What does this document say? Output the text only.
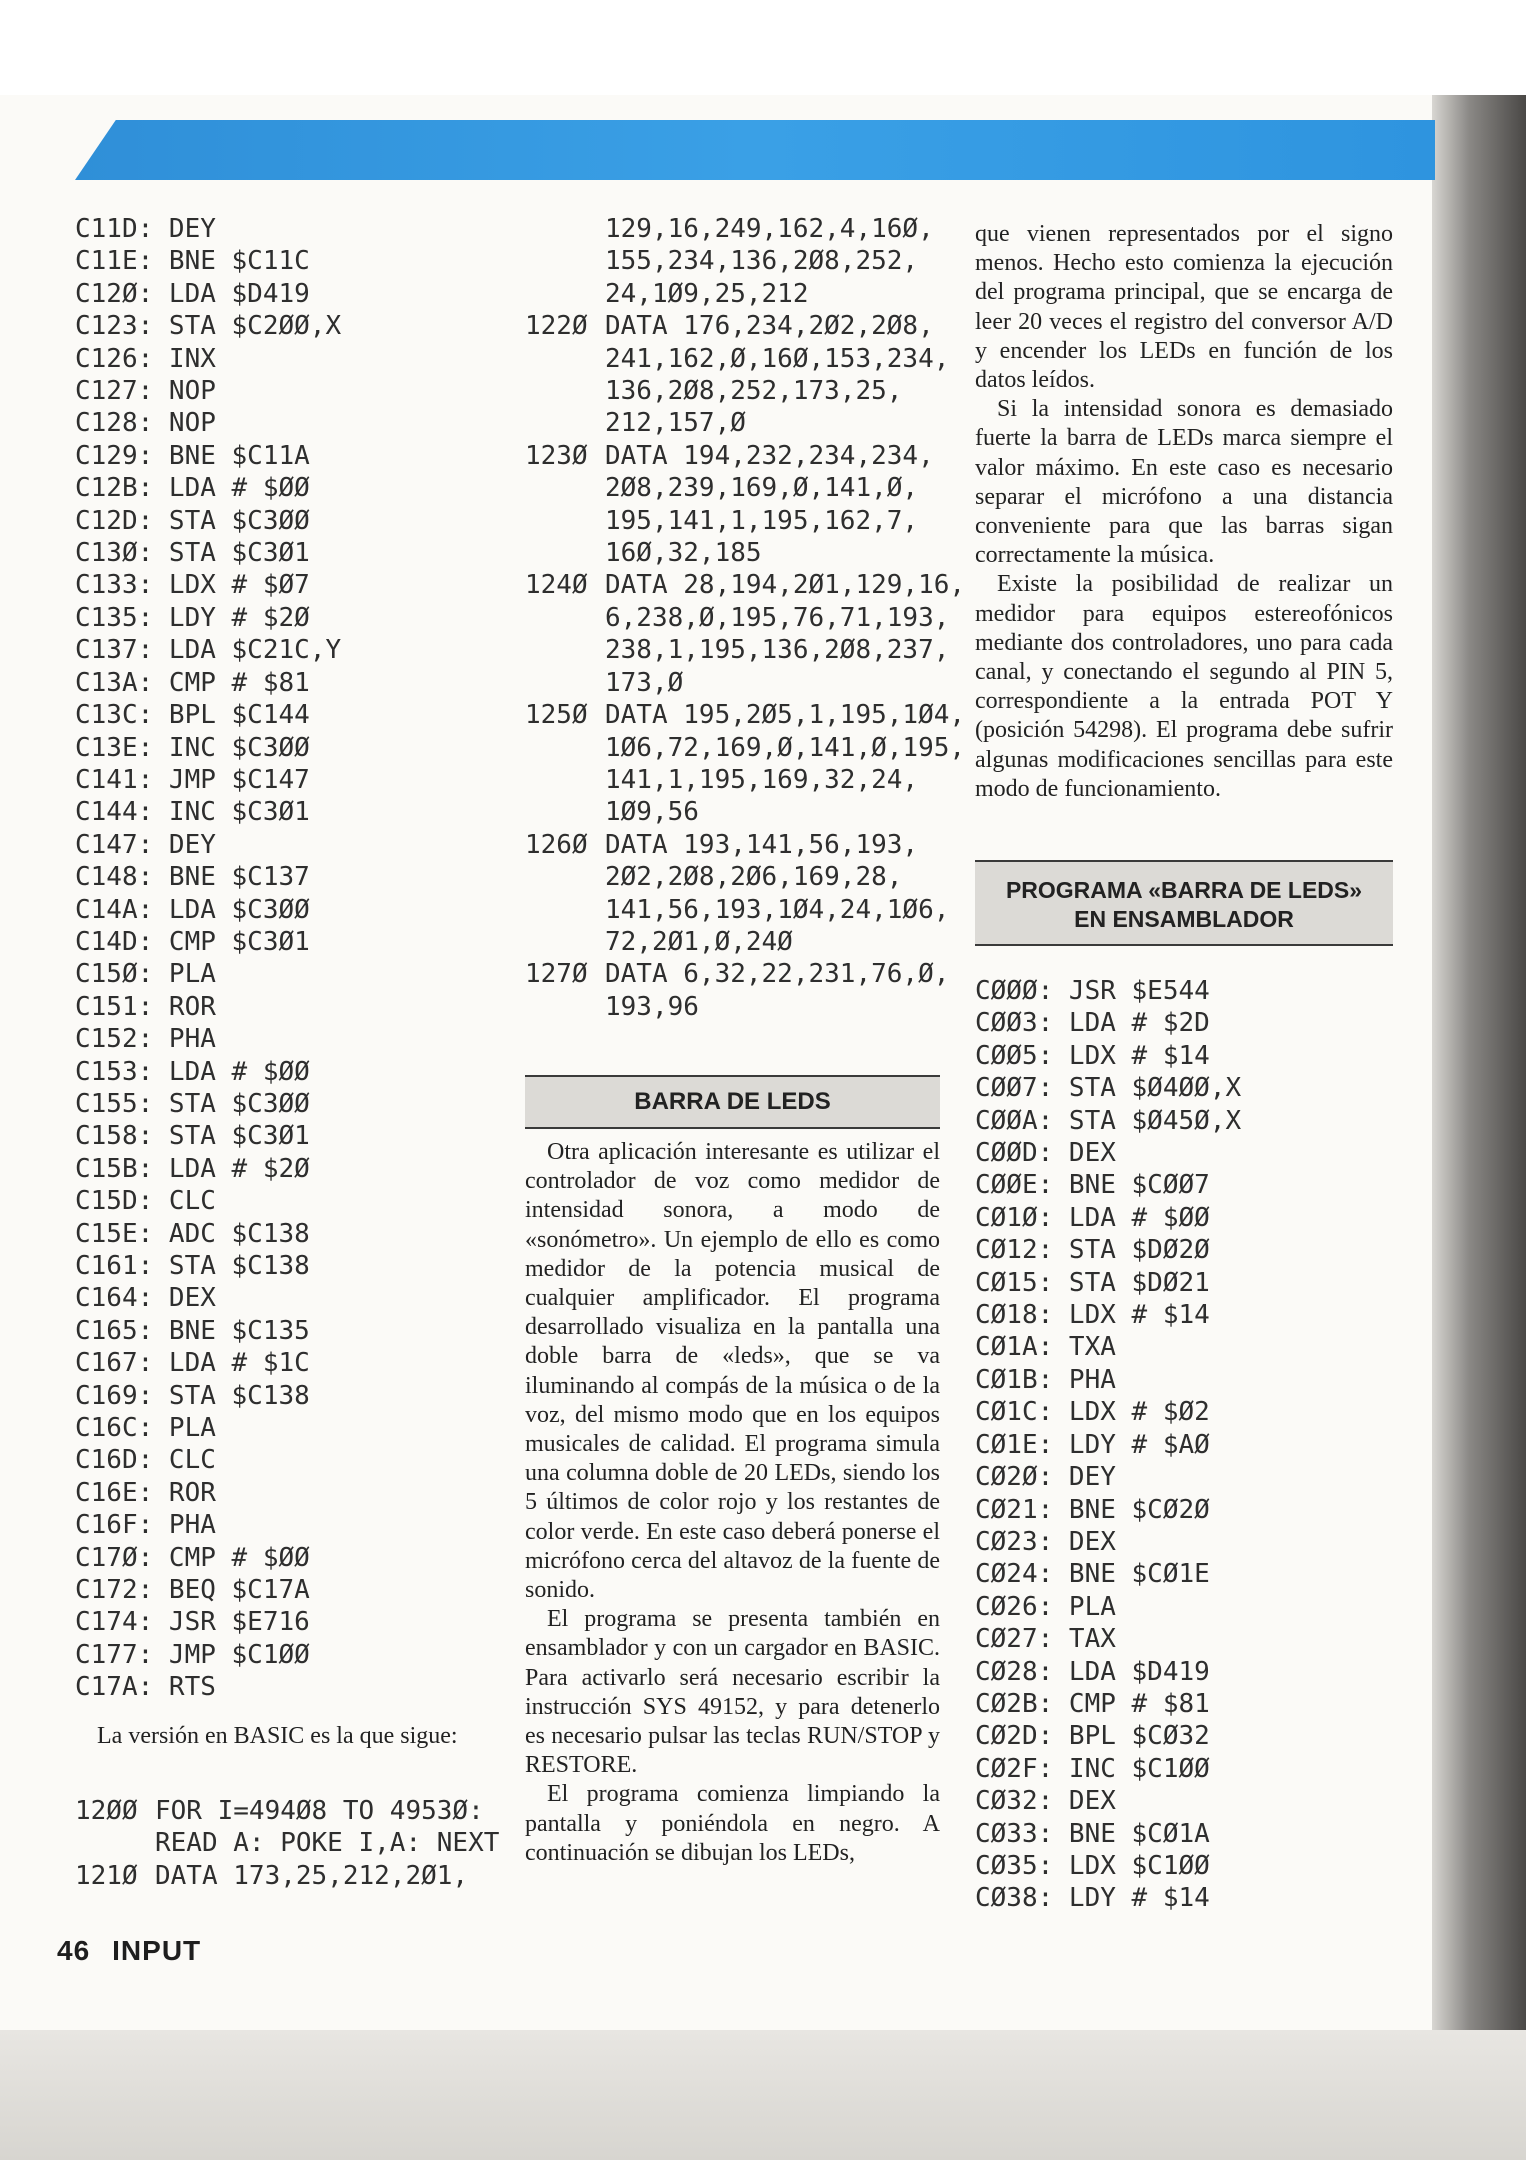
C11D: DEY
C11E: BNE $C11C
C12Ø: LDA $D419
C123: STA $C2ØØ,X
C126: INX
C127: NOP
C128: NOP
C129: BNE $C11A
C12B: LDA # $ØØ
C12D: STA $C3ØØ
C13Ø: STA $C3Ø1
C133: LDX # $Ø7
C135: LDY # $2Ø
C137: LDA $C21C,Y
C13A: CMP # $81
C13C: BPL $C144
C13E: INC $C3ØØ
C141: JMP $C147
C144: INC $C3Ø1
C147: DEY
C148: BNE $C137
C14A: LDA $C3ØØ
C14D: CMP $C3Ø1
C15Ø: PLA
C151: ROR
C152: PHA
C153: LDA # $ØØ
C155: STA $C3ØØ
C158: STA $C3Ø1
C15B: LDA # $2Ø
C15D: CLC
C15E: ADC $C138
C161: STA $C138
C164: DEX
C165: BNE $C135
C167: LDA # $1C
C169: STA $C138
C16C: PLA
C16D: CLC
C16E: ROR
C16F: PHA
C17Ø: CMP # $ØØ
C172: BEQ $C17A
C174: JSR $E716
C177: JMP $C1ØØ
C17A: RTS

La versión en BASIC es la que sigue:

12ØØ FOR I=494Ø8 TO 4953Ø:
READ A: POKE I,A: NEXT
121Ø DATA 173,25,212,2Ø1,
129,16,249,162,4,16Ø,
155,234,136,2Ø8,252,
24,1Ø9,25,212
122Ø DATA 176,234,2Ø2,2Ø8,
241,162,Ø,16Ø,153,234,
136,2Ø8,252,173,25,
212,157,Ø
123Ø DATA 194,232,234,234,
2Ø8,239,169,Ø,141,Ø,
195,141,1,195,162,7,
16Ø,32,185
124Ø DATA 28,194,2Ø1,129,16,
6,238,Ø,195,76,71,193,
238,1,195,136,2Ø8,237,
173,Ø
125Ø DATA 195,2Ø5,1,195,1Ø4,
1Ø6,72,169,Ø,141,Ø,195,
141,1,195,169,32,24,
1Ø9,56
126Ø DATA 193,141,56,193,
2Ø2,2Ø8,2Ø6,169,28,
141,56,193,1Ø4,24,1Ø6,
72,2Ø1,Ø,24Ø
127Ø DATA 6,32,22,231,76,Ø,
193,96
BARRA DE LEDS

Otra aplicación interesante es utilizar el controlador de voz como medidor de intensidad sonora, a modo de «sonómetro». Un ejemplo de ello es como medidor de la potencia musical de cualquier amplificador. El programa desarrollado visualiza en la pantalla una doble barra de «leds», que se va iluminando al compás de la música o de la voz, del mismo modo que en los equipos musicales de calidad. El programa simula una columna doble de 20 LEDs, siendo los 5 últimos de color rojo y los restantes de color verde. En este caso deberá ponerse el micrófono cerca del altavoz de la fuente de sonido.

El programa se presenta también en ensamblador y con un cargador en BASIC. Para activarlo será necesario escribir la instrucción SYS 49152, y para detenerlo es necesario pulsar las teclas RUN/STOP y RESTORE.

El programa comienza limpiando la pantalla y poniéndola en negro. A continuación se dibujan los LEDs,

que vienen representados por el signo menos. Hecho esto comienza la ejecución del programa principal, que se encarga de leer 20 veces el registro del conversor A/D y encender los LEDs en función de los datos leídos.

Si la intensidad sonora es demasiado fuerte la barra de LEDs marca siempre el valor máximo. En este caso es necesario separar el micrófono a una distancia conveniente para que las barras sigan correctamente la música.

Existe la posibilidad de realizar un medidor para equipos estereofónicos mediante dos controladores, uno para cada canal, y conectando el segundo al PIN 5, correspondiente a la entrada POT Y (posición 54298). El programa debe sufrir algunas modificaciones sencillas para este modo de funcionamiento.

PROGRAMA «BARRA DE LEDS»
EN ENSAMBLADOR
CØØØ: JSR $E544
CØØ3: LDA # $2D
CØØ5: LDX # $14
CØØ7: STA $Ø4ØØ,X
CØØA: STA $Ø45Ø,X
CØØD: DEX
CØØE: BNE $CØØ7
CØ1Ø: LDA # $ØØ
CØ12: STA $DØ2Ø
CØ15: STA $DØ21
CØ18: LDX # $14
CØ1A: TXA
CØ1B: PHA
CØ1C: LDX # $Ø2
CØ1E: LDY # $AØ
CØ2Ø: DEY
CØ21: BNE $CØ2Ø
CØ23: DEX
CØ24: BNE $CØ1E
CØ26: PLA
CØ27: TAX
CØ28: LDA $D419
CØ2B: CMP # $81
CØ2D: BPL $CØ32
CØ2F: INC $C1ØØ
CØ32: DEX
CØ33: BNE $CØ1A
CØ35: LDX $C1ØØ
CØ38: LDY # $14
46 INPUT
